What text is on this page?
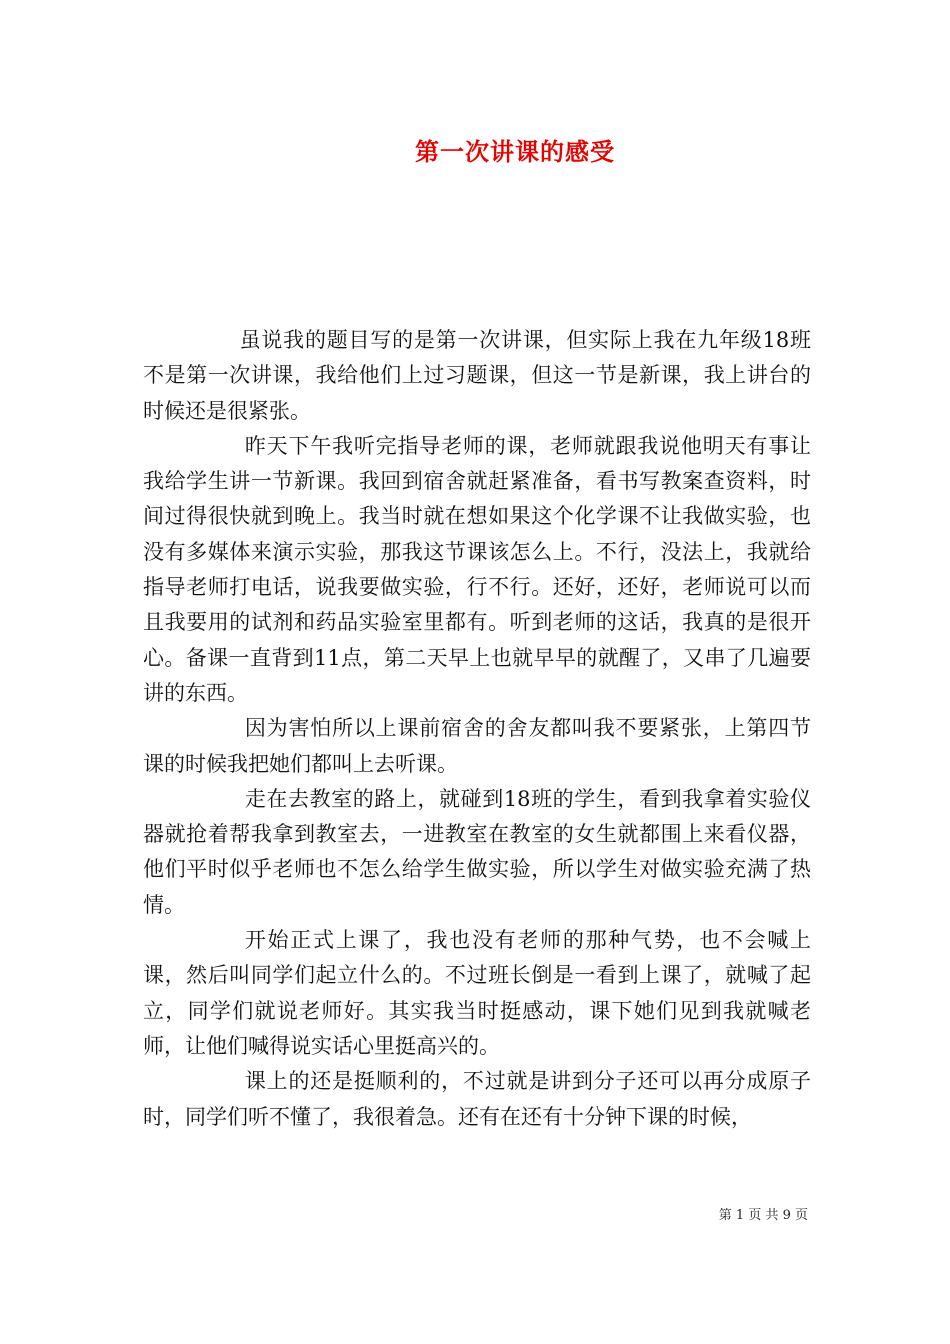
第一次讲课的感受

虽说我的题目写的是第一次讲课，但实际上我在九年级18班不是第一次讲课，我给他们上过习题课，但这一节是新课，我上讲台的时候还是很紧张。

昨天下午我听完指导老师的课，老师就跟我说他明天有事让我给学生讲一节新课。我回到宿舍就赶紧准备，看书写教案查资料，时间过得很快就到晚上。我当时就在想如果这个化学课不让我做实验，也没有多媒体来演示实验，那我这节课该怎么上。不行，没法上，我就给指导老师打电话，说我要做实验，行不行。还好，还好，老师说可以而且我要用的试剂和药品实验室里都有。听到老师的这话，我真的是很开心。备课一直背到11点，第二天早上也就早早的就醒了，又串了几遍要讲的东西。

因为害怕所以上课前宿舍的舍友都叫我不要紧张，上第四节课的时候我把她们都叫上去听课。

走在去教室的路上，就碰到18班的学生，看到我拿着实验仪器就抢着帮我拿到教室去，一进教室在教室的女生就都围上来看仪器，他们平时似乎老师也不怎么给学生做实验，所以学生对做实验充满了热情。

开始正式上课了，我也没有老师的那种气势，也不会喊上课，然后叫同学们起立什么的。不过班长倒是一看到上课了，就喊了起立，同学们就说老师好。其实我当时挺感动，课下她们见到我就喊老师，让他们喊得说实话心里挺高兴的。

课上的还是挺顺利的，不过就是讲到分子还可以再分成原子时，同学们听不懂了，我很着急。还有在还有十分钟下课的时候，

第 1 页 共 9 页
